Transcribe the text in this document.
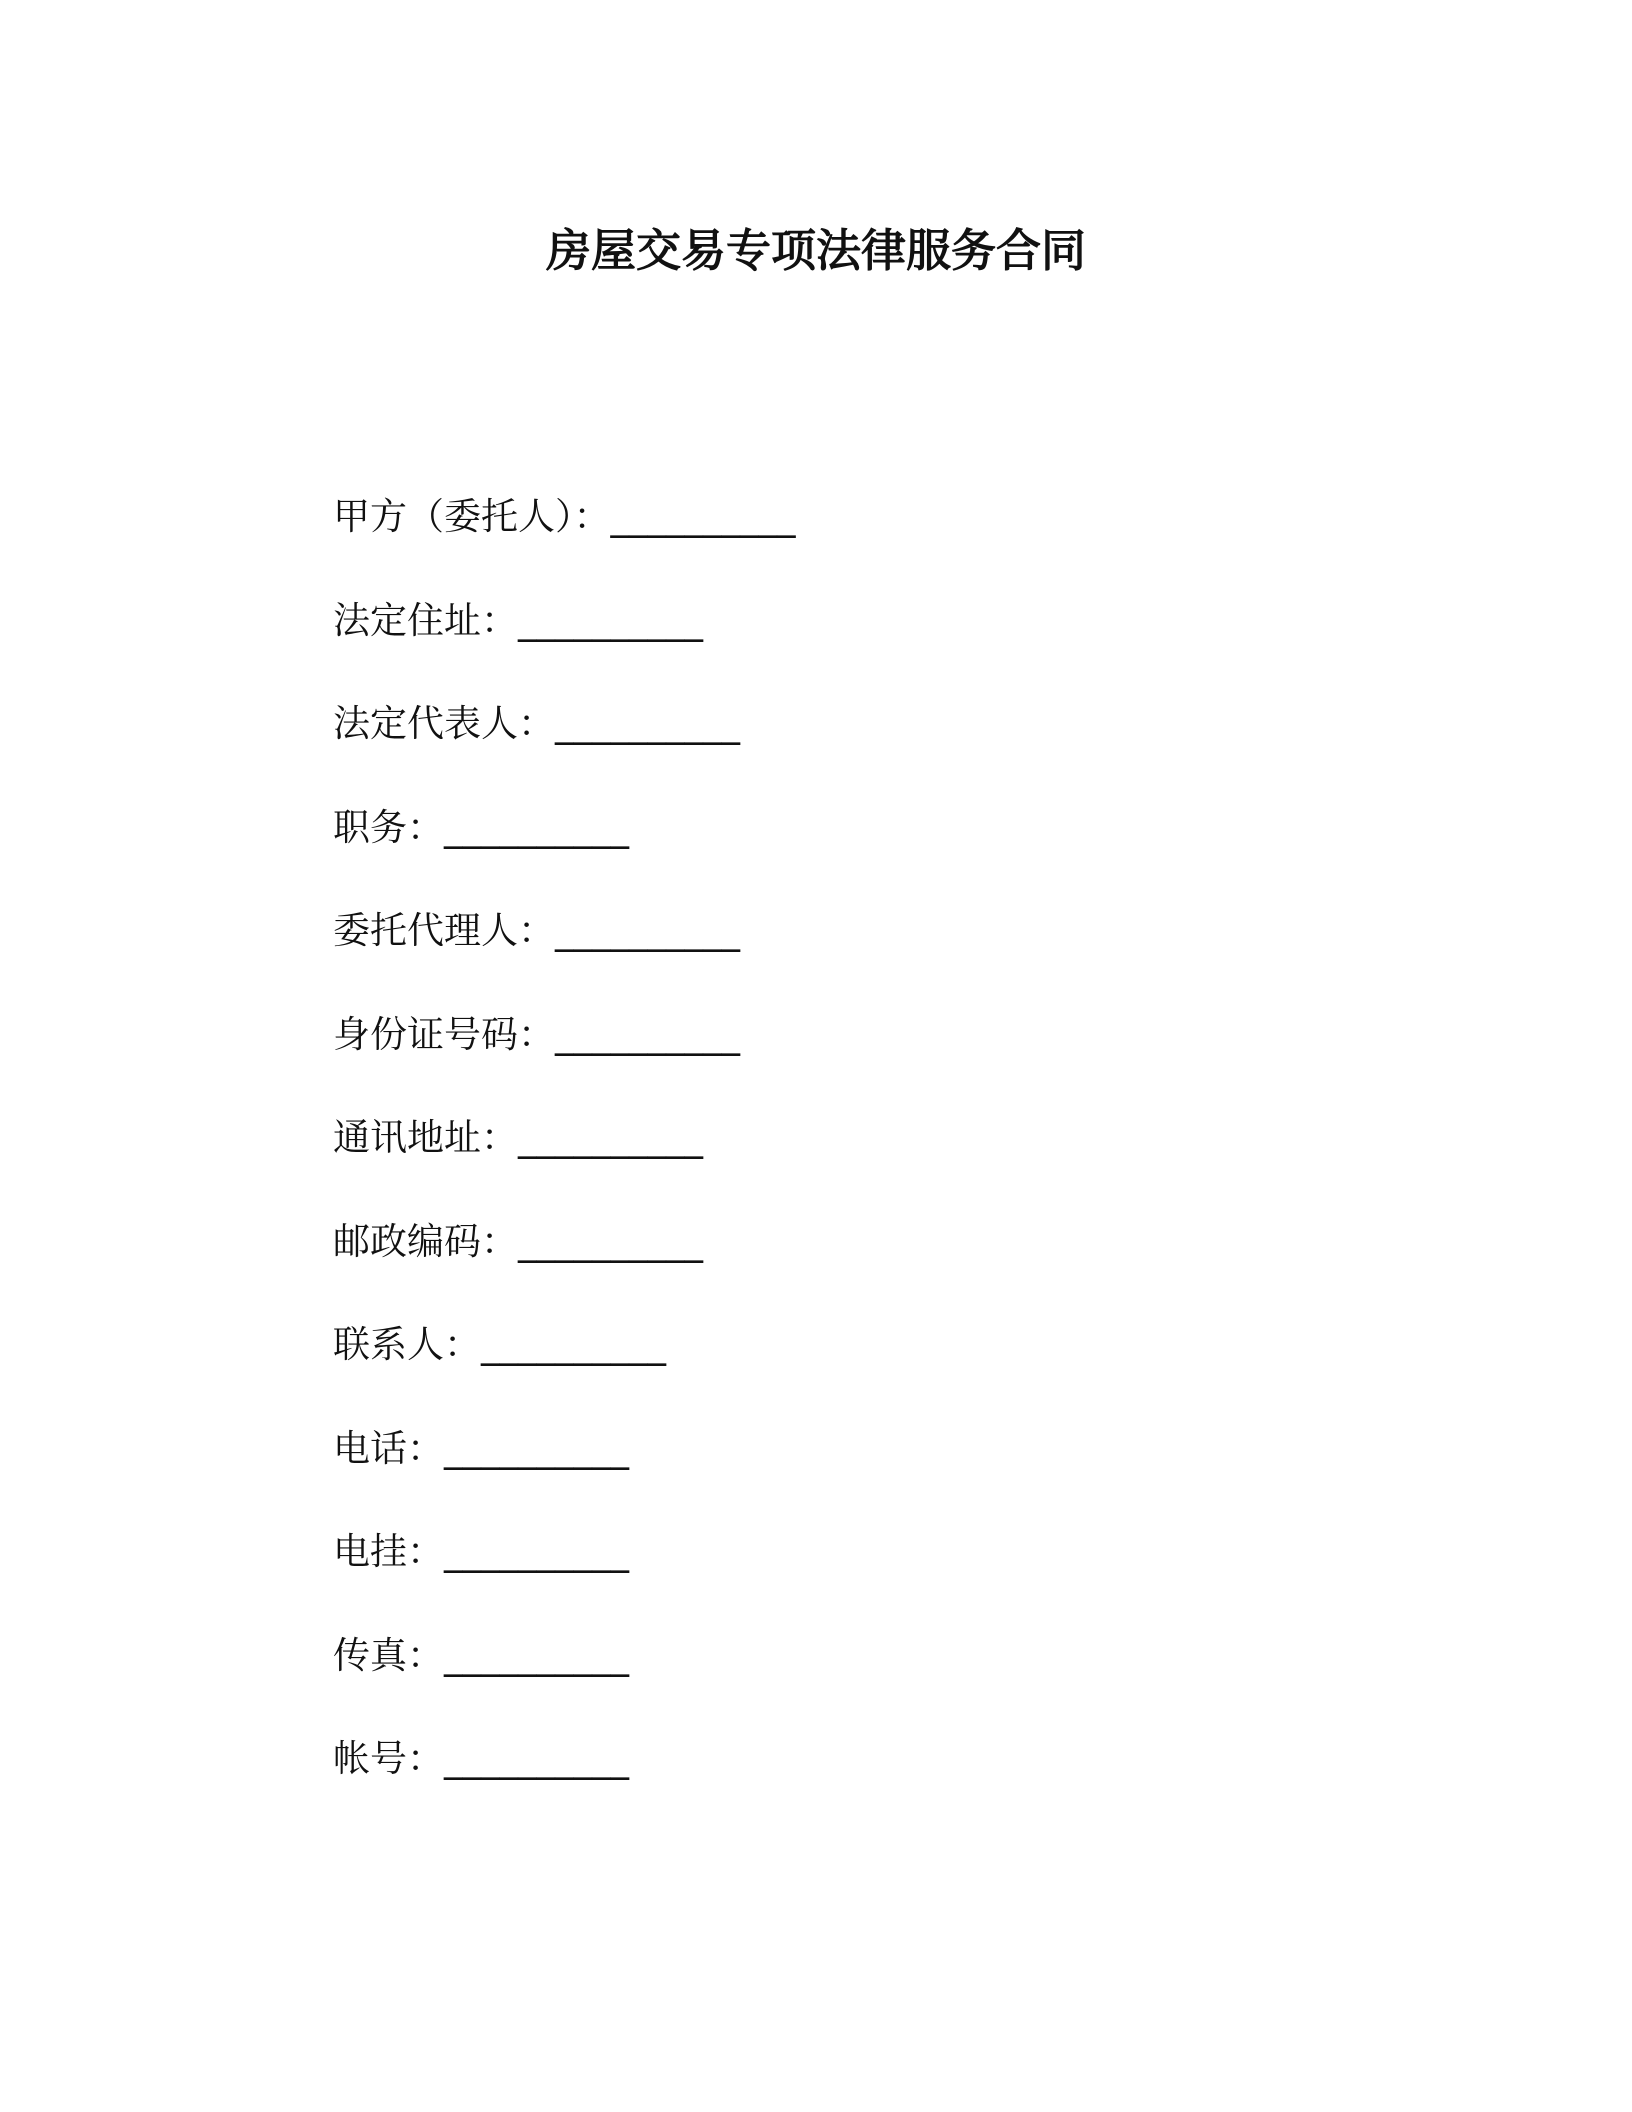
房屋交易专项法律服务合同
甲方（委托人）：__________
法定住址：__________
法定代表人：__________
职务：__________
委托代理人：__________
身份证号码：__________
通讯地址：__________
邮政编码：__________
联系人：__________
电话：__________
电挂：__________
传真：__________
帐号：__________
